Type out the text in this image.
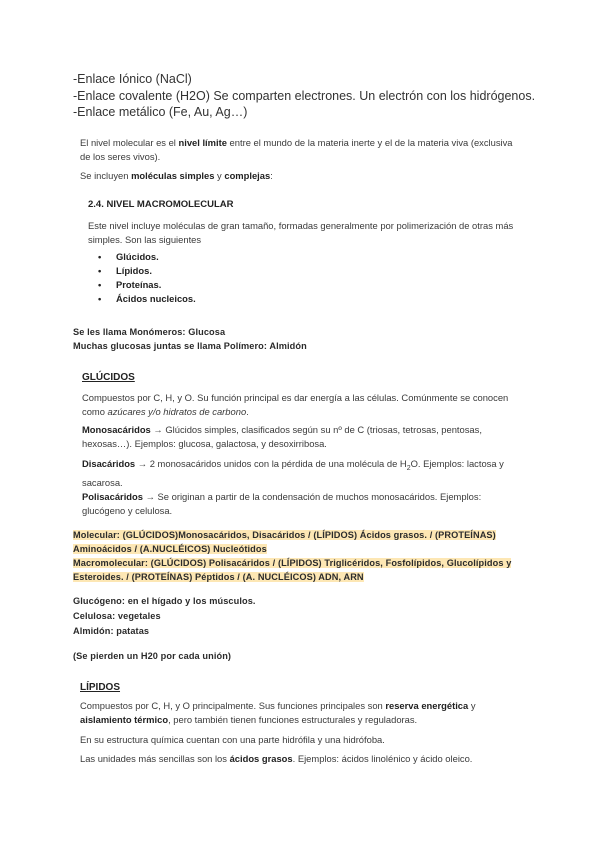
-Enlace Iónico (NaCl)
-Enlace covalente (H2O) Se comparten electrones. Un electrón con los hidrógenos.
-Enlace metálico (Fe, Au, Ag…)
El nivel molecular es el nivel límite entre el mundo de la materia inerte y el de la materia viva (exclusiva de los seres vivos).
Se incluyen moléculas simples y complejas:
2.4. NIVEL MACROMOLECULAR
Este nivel incluye moléculas de gran tamaño, formadas generalmente por polimerización de otras más simples. Son las siguientes
• Glúcidos.
• Lípidos.
• Proteínas.
• Ácidos nucleicos.
Se les llama Monómeros: Glucosa
Muchas glucosas juntas se llama Polímero: Almidón
GLÚCIDOS
Compuestos por C, H, y O. Su función principal es dar energía a las células. Comúnmente se conocen como azúcares y/o hidratos de carbono.
Monosacáridos → Glúcidos simples, clasificados según su nº de C (triosas, tetrosas, pentosas, hexosas…). Ejemplos: glucosa, galactosa, y desoxirribosa.
Disacáridos → 2 monosacáridos unidos con la pérdida de una molécula de $H_2O$. Ejemplos: lactosa y sacarosa.
Polisacáridos → Se originan a partir de la condensación de muchos monosacáridos. Ejemplos: glucógeno y celulosa.
Molecular: (GLÚCIDOS)Monosacáridos, Disacáridos / (LÍPIDOS) Ácidos grasos. / (PROTEÍNAS)
Aminoácidos / (A.NUCLÉICOS) Nucleótidos
Macromolecular: (GLÚCIDOS) Polisacáridos / (LÍPIDOS) Triglicéridos, Fosfolípidos, Glucolípidos y
Esteroides. / (PROTEÍNAS) Péptidos / (A. NUCLÉICOS) ADN, ARN
Glucógeno: en el hígado y los músculos.
Celulosa: vegetales
Almidón: patatas
(Se pierden un H20 por cada unión)
LÍPIDOS
Compuestos por C, H, y O principalmente. Sus funciones principales son reserva energética y aislamiento térmico, pero también tienen funciones estructurales y reguladoras.
En su estructura química cuentan con una parte hidrófila y una hidrófoba.
Las unidades más sencillas son los ácidos grasos. Ejemplos: ácidos linolénico y ácido oleico.
